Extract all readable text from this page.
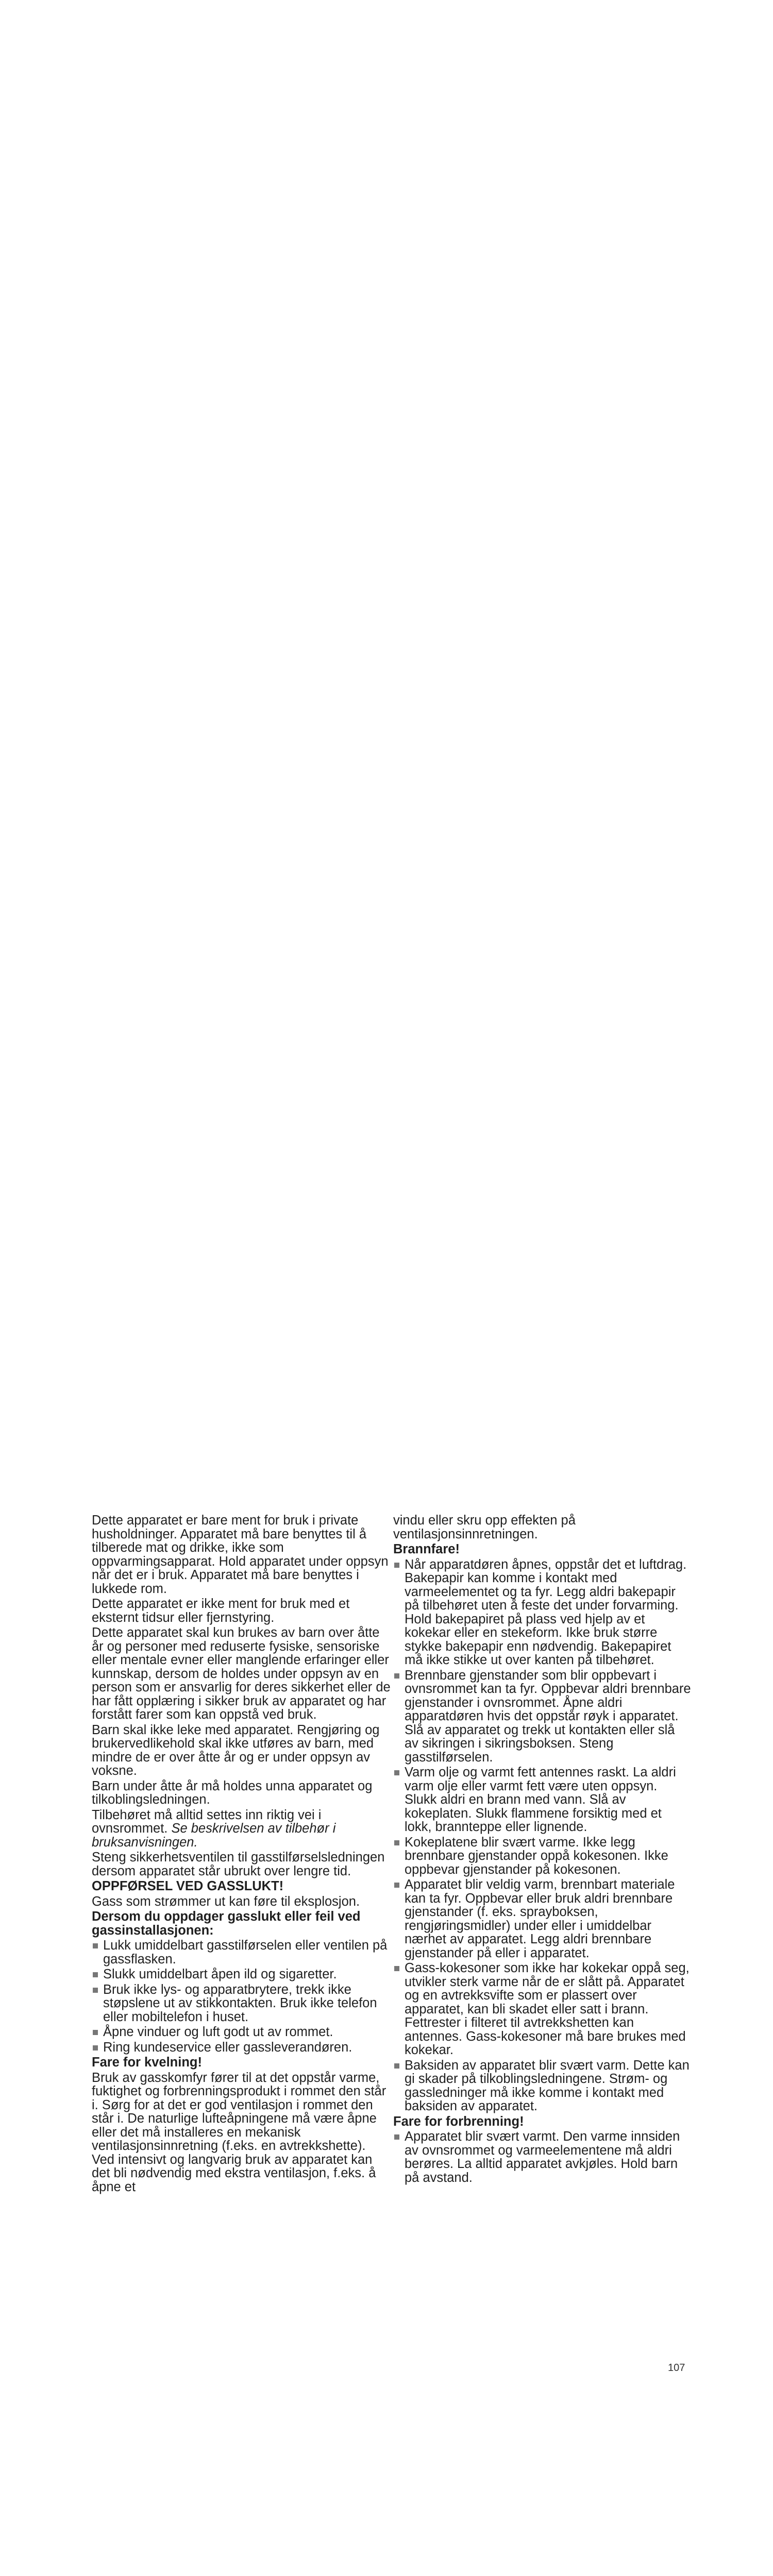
Dette apparatet er bare ment for bruk i private husholdninger. Apparatet må bare benyttes til å tilberede mat og drikke, ikke som oppvarmingsapparat. Hold apparatet under oppsyn når det er i bruk. Apparatet må bare benyttes i lukkede rom.

Dette apparatet er ikke ment for bruk med et eksternt tidsur eller fjernstyring.

Dette apparatet skal kun brukes av barn over åtte år og personer med reduserte fysiske, sensoriske eller mentale evner eller manglende erfaringer eller kunnskap, dersom de holdes under oppsyn av en person som er ansvarlig for deres sikkerhet eller de har fått opplæring i sikker bruk av apparatet og har forstått farer som kan oppstå ved bruk.

Barn skal ikke leke med apparatet. Rengjøring og brukervedlikehold skal ikke utføres av barn, med mindre de er over åtte år og er under oppsyn av voksne.

Barn under åtte år må holdes unna apparatet og tilkoblingsledningen.

Tilbehøret må alltid settes inn riktig vei i ovnsrommet. Se beskrivelsen av tilbehør i bruksanvisningen.

Steng sikkerhetsventilen til gasstilførselsledningen dersom apparatet står ubrukt over lengre tid.

OPPFØRSEL VED GASSLUKT!

Gass som strømmer ut kan føre til eksplosjon.

Dersom du oppdager gasslukt eller feil ved gassinstallasjonen:
Lukk umiddelbart gasstilførselen eller ventilen på gassflasken.
Slukk umiddelbart åpen ild og sigaretter.
Bruk ikke lys- og apparatbrytere, trekk ikke støpslene ut av stikkontakten. Bruk ikke telefon eller mobiltelefon i huset.
Åpne vinduer og luft godt ut av rommet.
Ring kundeservice eller gassleverandøren.
Fare for kvelning!

Bruk av gasskomfyr fører til at det oppstår varme, fuktighet og forbrenningsprodukt i rommet den står i. Sørg for at det er god ventilasjon i rommet den står i. De naturlige lufteåpningene må være åpne eller det må installeres en mekanisk ventilasjonsinnretning (f.eks. en avtrekkshette). Ved intensivt og langvarig bruk av apparatet kan det bli nødvendig med ekstra ventilasjon, f.eks. å åpne et

vindu eller skru opp effekten på ventilasjonsinnretningen.

Brannfare!
Når apparatdøren åpnes, oppstår det et luftdrag. Bakepapir kan komme i kontakt med varmeelementet og ta fyr. Legg aldri bakepapir på tilbehøret uten å feste det under forvarming. Hold bakepapiret på plass ved hjelp av et kokekar eller en stekeform. Ikke bruk større stykke bakepapir enn nødvendig. Bakepapiret må ikke stikke ut over kanten på tilbehøret.
Brennbare gjenstander som blir oppbevart i ovnsrommet kan ta fyr. Oppbevar aldri brennbare gjenstander i ovnsrommet. Åpne aldri apparatdøren hvis det oppstår røyk i apparatet. Slå av apparatet og trekk ut kontakten eller slå av sikringen i sikringsboksen. Steng gasstilførselen.
Varm olje og varmt fett antennes raskt. La aldri varm olje eller varmt fett være uten oppsyn. Slukk aldri en brann med vann. Slå av kokeplaten. Slukk flammene forsiktig med et lokk, brannteppe eller lignende.
Kokeplatene blir svært varme. Ikke legg brennbare gjenstander oppå kokesonen. Ikke oppbevar gjenstander på kokesonen.
Apparatet blir veldig varm, brennbart materiale kan ta fyr. Oppbevar eller bruk aldri brennbare gjenstander (f. eks. sprayboksen, rengjøringsmidler) under eller i umiddelbar nærhet av apparatet. Legg aldri brennbare gjenstander på eller i apparatet.
Gass-kokesoner som ikke har kokekar oppå seg, utvikler sterk varme når de er slått på. Apparatet og en avtrekksvifte som er plassert over apparatet, kan bli skadet eller satt i brann. Fettrester i filteret til avtrekkshetten kan antennes. Gass-kokesoner må bare brukes med kokekar.
Baksiden av apparatet blir svært varm. Dette kan gi skader på tilkoblingsledningene. Strøm- og gassledninger må ikke komme i kontakt med baksiden av apparatet.
Fare for forbrenning!
Apparatet blir svært varmt. Den varme innsiden av ovnsrommet og varmeelementene må aldri berøres. La alltid apparatet avkjøles. Hold barn på avstand.
107
